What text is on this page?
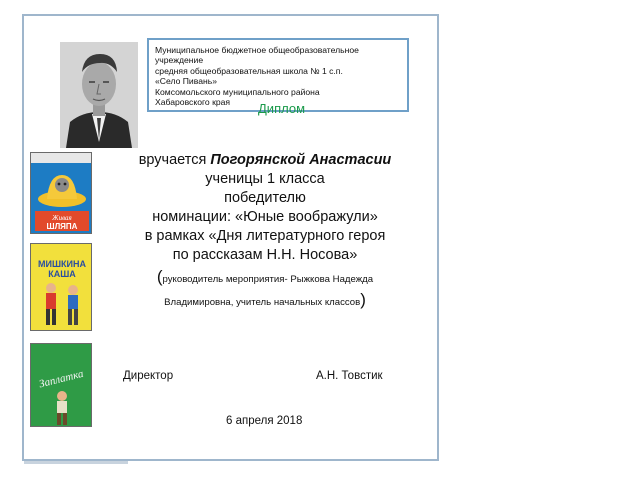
Живая
ШЛЯПА
МИШКИНА
КАША
Заплатка
Муниципальное бюджетное общеобразовательное
учреждение
средняя общеобразовательная школа № 1 с.п.
«Село Пивань»
Комсомольского муниципального района
Хабаровского края	Диплом
вручается Погорянской Анастасии
ученицы 1 класса
победителю
номинации: «Юные воображули»
в рамках «Дня литературного героя
по рассказам Н.Н. Носова»
(руководитель мероприятия- Рыжкова Надежда
Владимировна, учитель начальных классов)
Директор	А.Н. Товстик
6 апреля 2018
